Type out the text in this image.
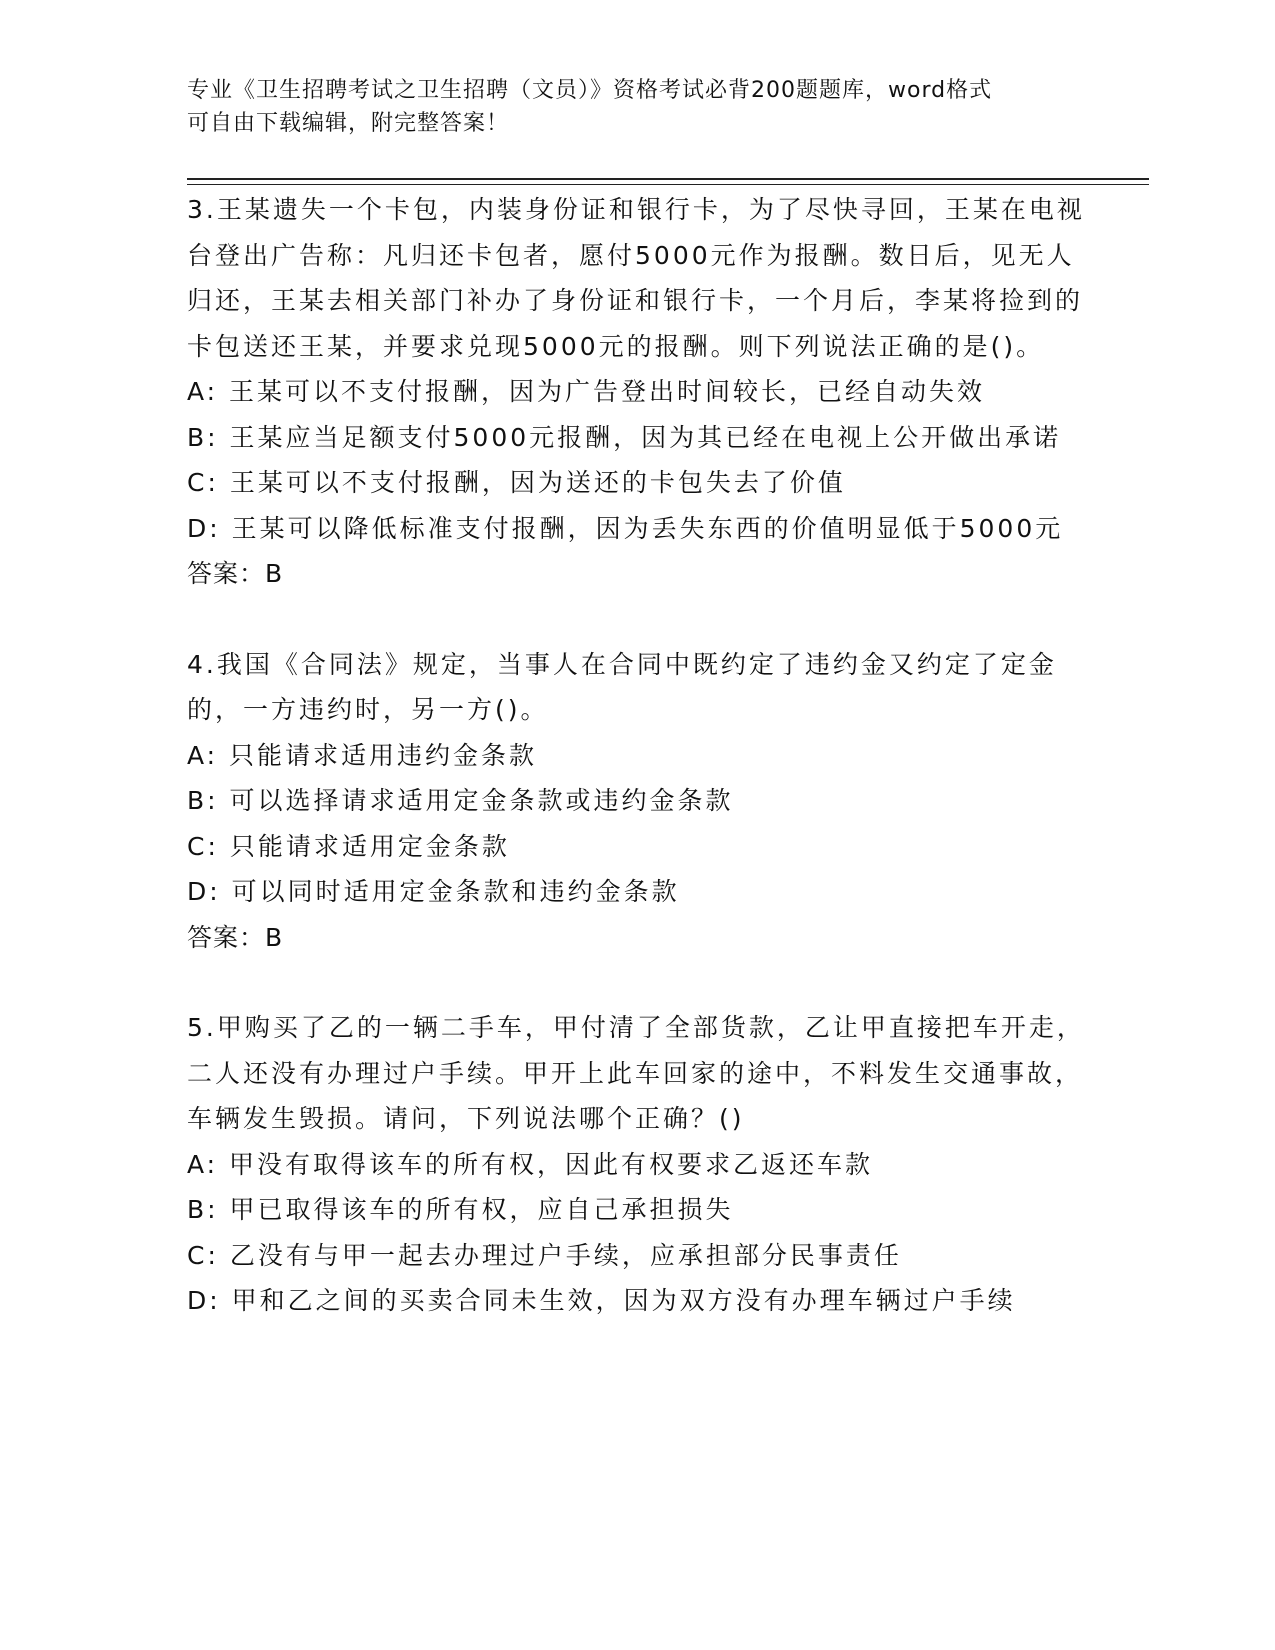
专业《卫生招聘考试之卫生招聘（文员）》资格考试必背200题题库，word格式
可自由下载编辑，附完整答案！

3.王某遗失一个卡包，内装身份证和银行卡，为了尽快寻回，王某在电视台登出广告称：凡归还卡包者，愿付5000元作为报酬。数日后，见无人归还，王某去相关部门补办了身份证和银行卡，一个月后，李某将捡到的卡包送还王某，并要求兑现5000元的报酬。则下列说法正确的是()。

A: 王某可以不支付报酬，因为广告登出时间较长，已经自动失效

B: 王某应当足额支付5000元报酬，因为其已经在电视上公开做出承诺

C: 王某可以不支付报酬，因为送还的卡包失去了价值

D: 王某可以降低标准支付报酬，因为丢失东西的价值明显低于5000元

答案：B

4.我国《合同法》规定，当事人在合同中既约定了违约金又约定了定金的，一方违约时，另一方()。

A: 只能请求适用违约金条款

B: 可以选择请求适用定金条款或违约金条款

C: 只能请求适用定金条款

D: 可以同时适用定金条款和违约金条款

答案：B

5.甲购买了乙的一辆二手车，甲付清了全部货款，乙让甲直接把车开走，二人还没有办理过户手续。甲开上此车回家的途中，不料发生交通事故，车辆发生毁损。请问，下列说法哪个正确？()

A: 甲没有取得该车的所有权，因此有权要求乙返还车款

B: 甲已取得该车的所有权，应自己承担损失

C: 乙没有与甲一起去办理过户手续，应承担部分民事责任

D: 甲和乙之间的买卖合同未生效，因为双方没有办理车辆过户手续
